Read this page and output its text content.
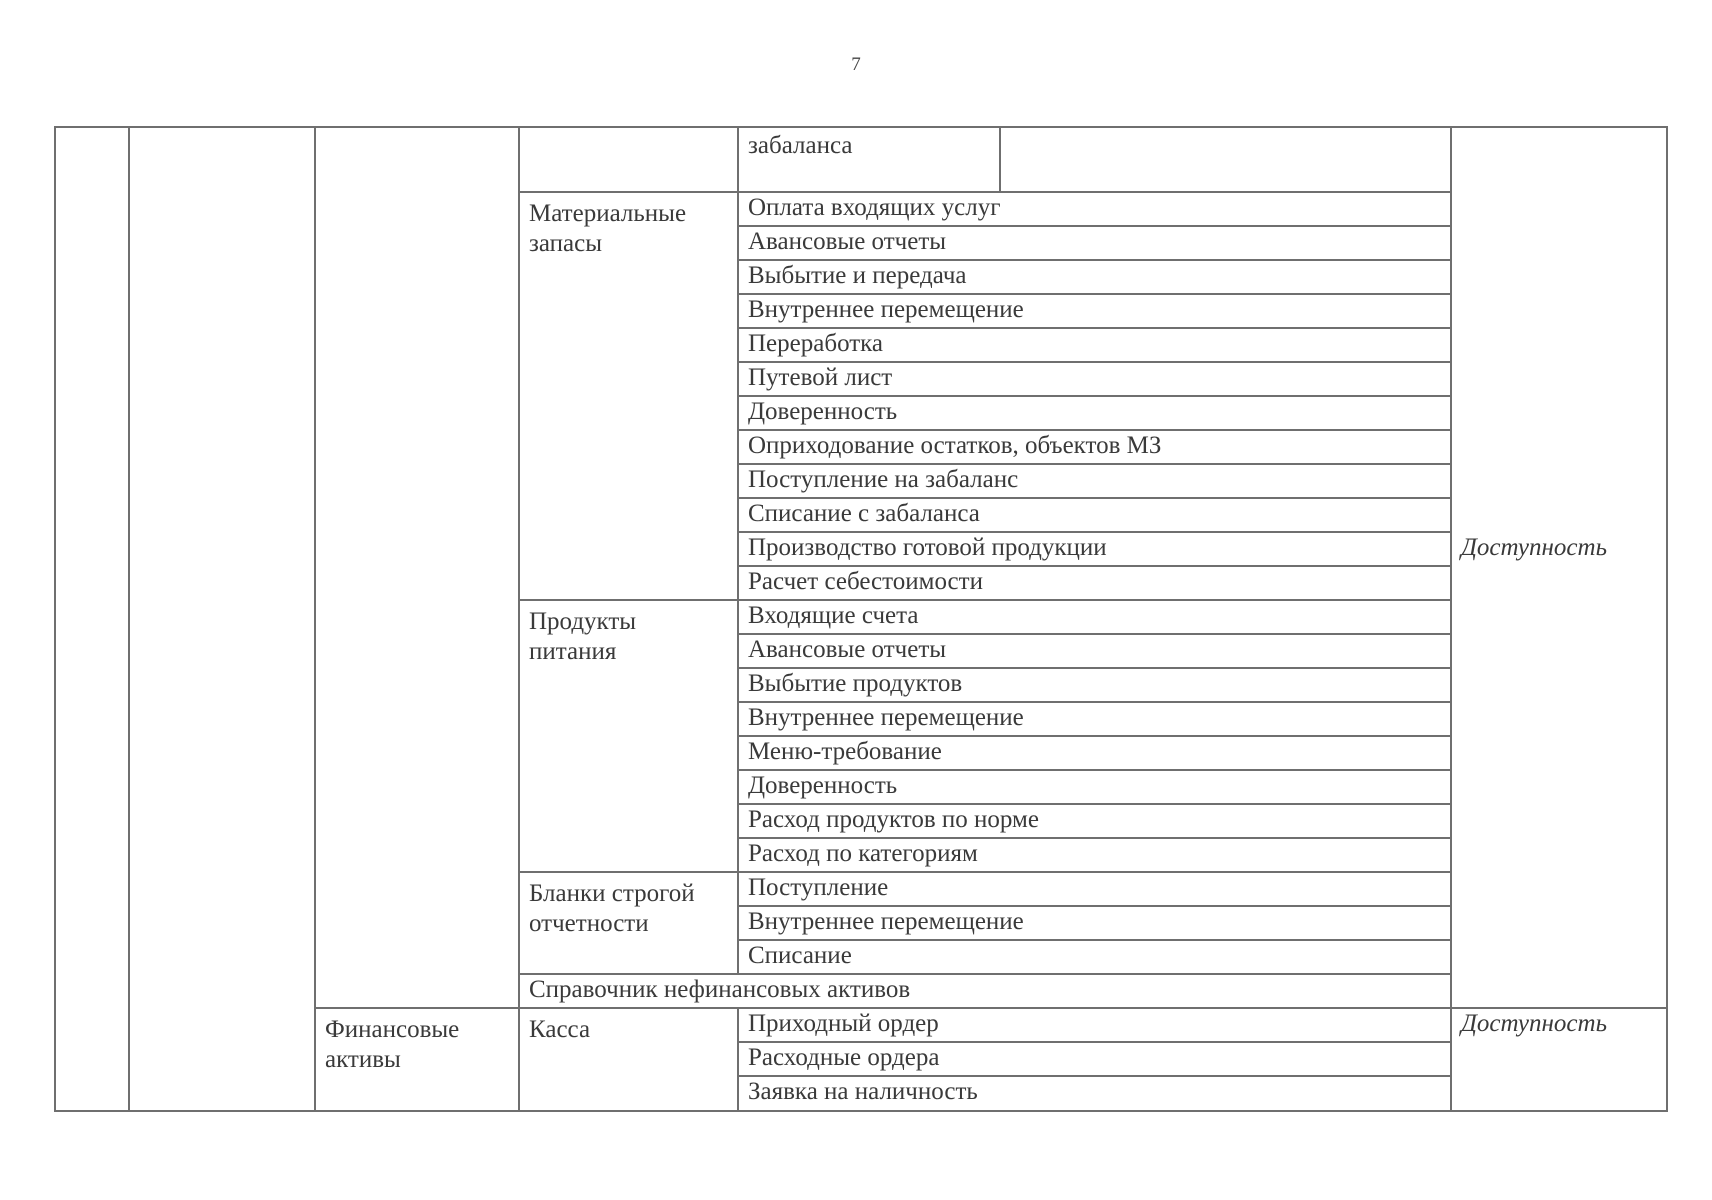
7
				забаланса		Доступность
			Материальные запасы	Оплата входящих услуг		
				Авансовые отчеты		
				Выбытие и передача		
				Внутреннее перемещение		
				Переработка		
				Путевой лист		
				Доверенность		
				Оприходование остатков, объектов МЗ		
				Поступление на забаланс		
				Списание с забаланса		
				Производство готовой продукции		
				Расчет себестоимости		
			Продукты питания	Входящие счета		
				Авансовые отчеты		
				Выбытие продуктов		
				Внутреннее перемещение		
				Меню-требование		
				Доверенность		
				Расход продуктов по норме		
				Расход по категориям		
			Бланки строгой отчетности	Поступление		
				Внутреннее перемещение		
				Списание		
			Справочник нефинансовых активов			
		Финансовые активы	Касса	Приходный ордер		Доступность
				Расходные ордера		
				Заявка на наличность		
